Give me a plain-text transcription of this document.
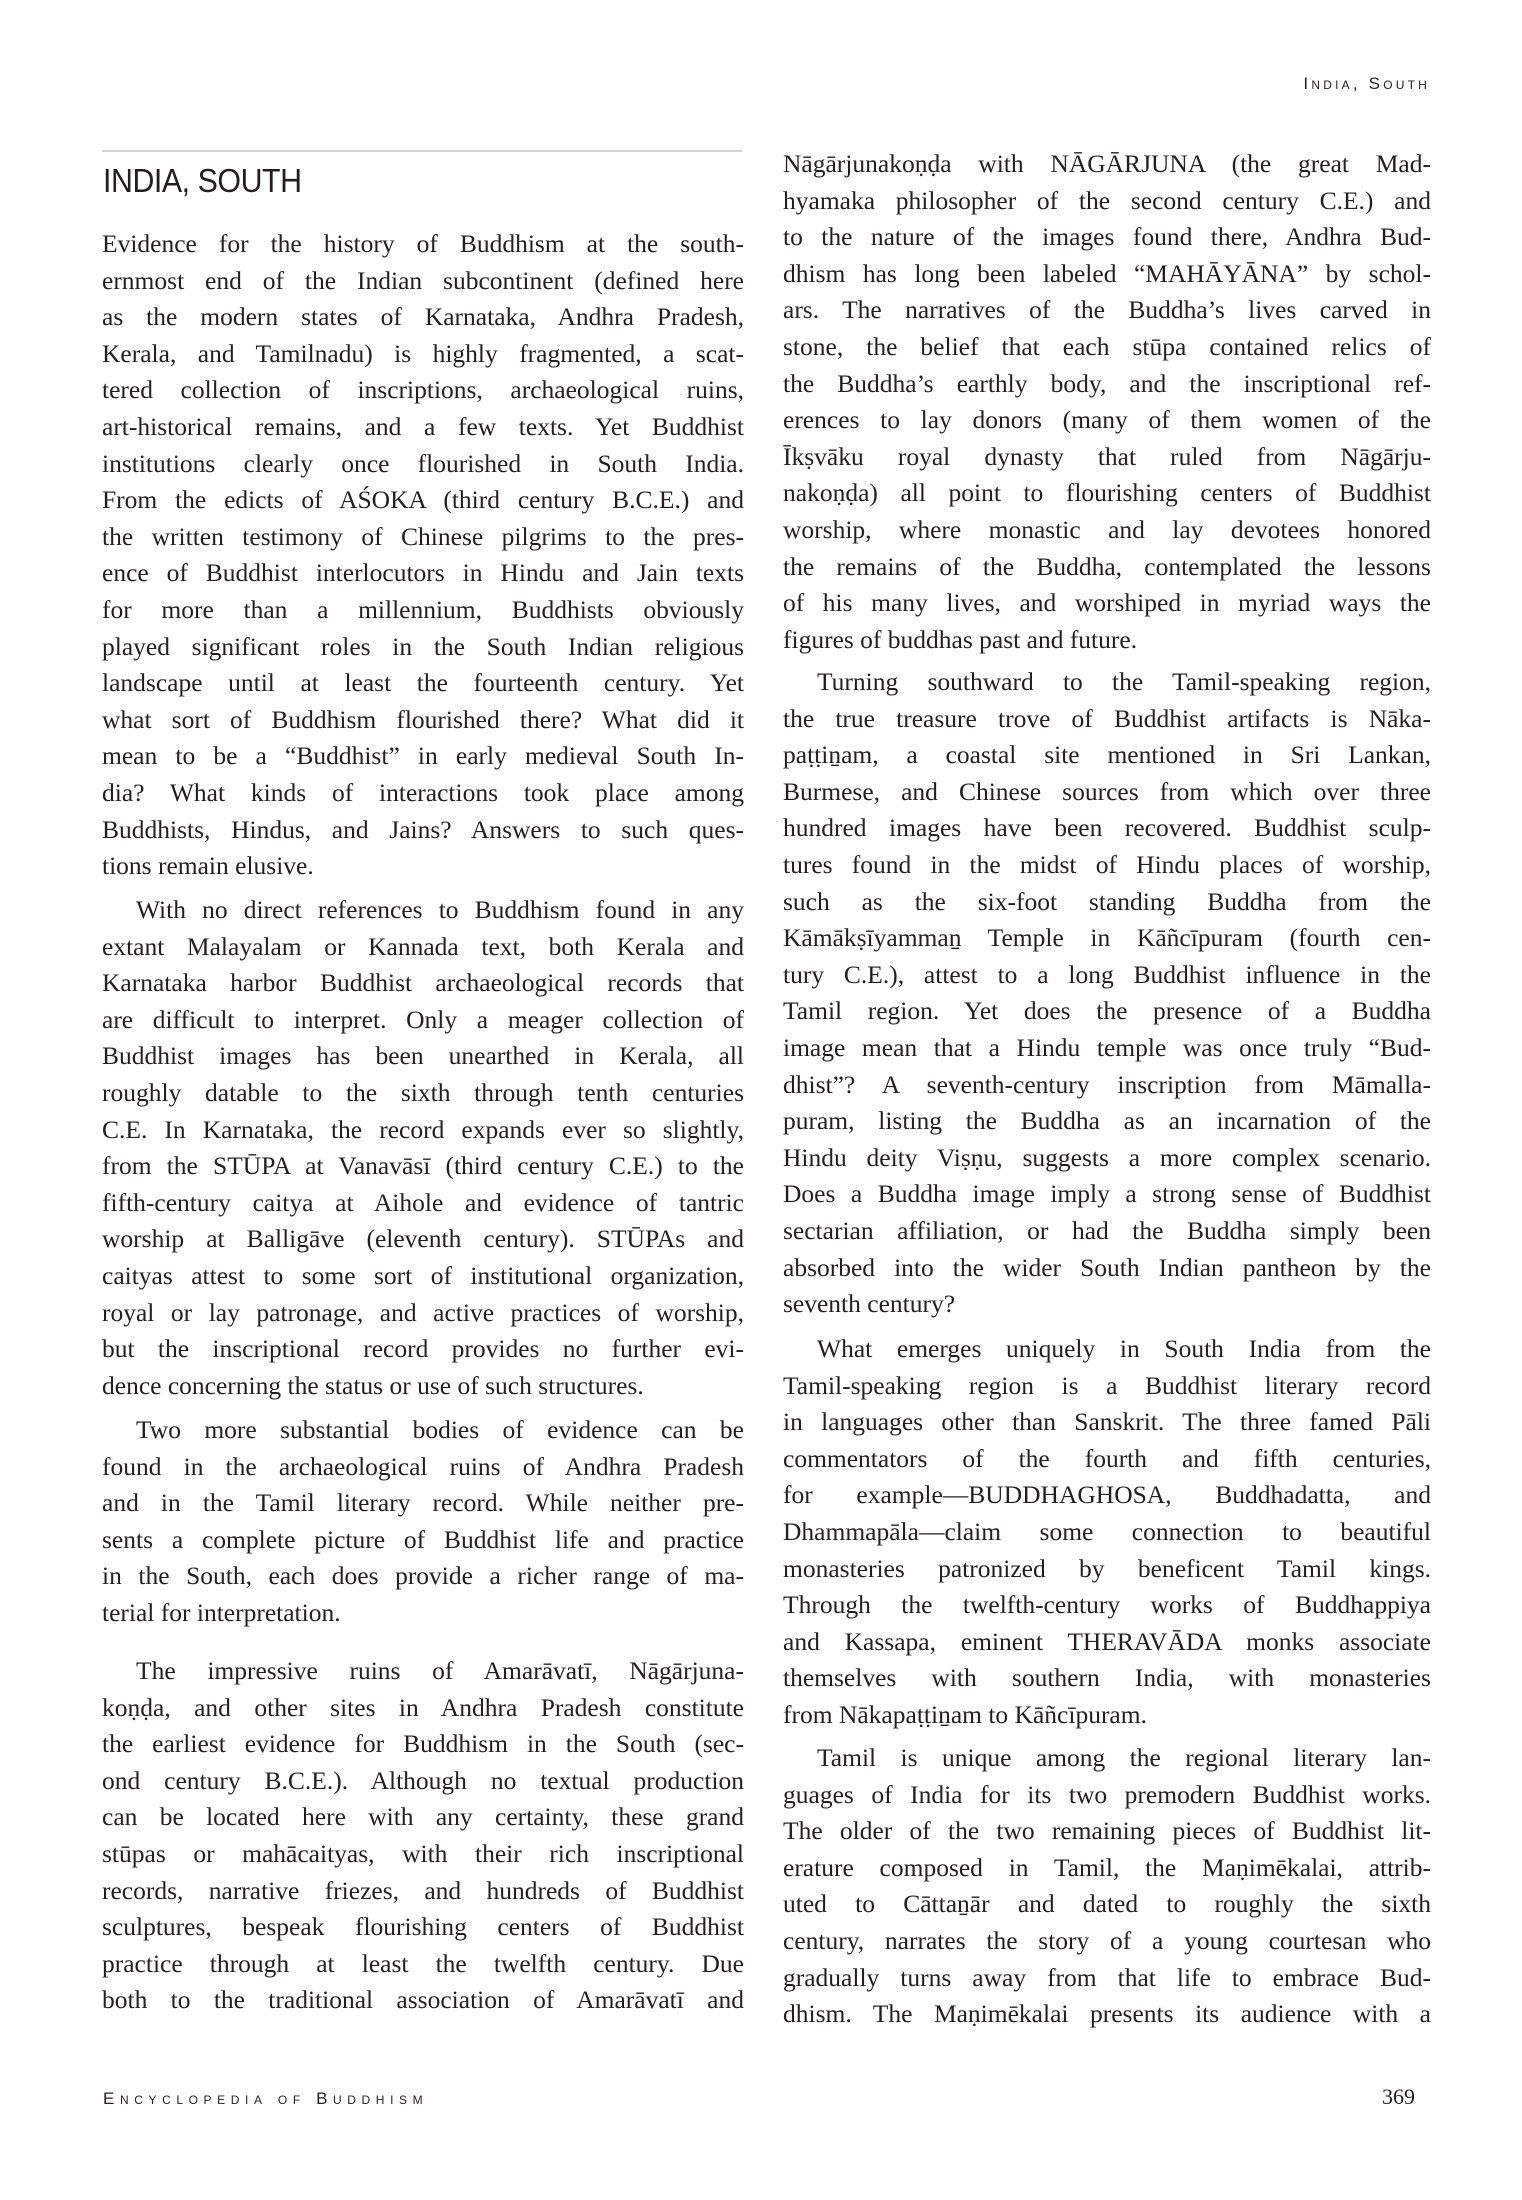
India, South
INDIA, SOUTH
Evidence for the history of Buddhism at the south-
ernmost end of the Indian subcontinent (defined here
as the modern states of Karnataka, Andhra Pradesh,
Kerala, and Tamilnadu) is highly fragmented, a scat-
tered collection of inscriptions, archaeological ruins,
art-historical remains, and a few texts. Yet Buddhist
institutions clearly once flourished in South India.
From the edicts of AŚOKA (third century B.C.E.) and
the written testimony of Chinese pilgrims to the pres-
ence of Buddhist interlocutors in Hindu and Jain texts
for more than a millennium, Buddhists obviously
played significant roles in the South Indian religious
landscape until at least the fourteenth century. Yet
what sort of Buddhism flourished there? What did it
mean to be a “Buddhist” in early medieval South In-
dia? What kinds of interactions took place among
Buddhists, Hindus, and Jains? Answers to such ques-
tions remain elusive.
With no direct references to Buddhism found in any
extant Malayalam or Kannada text, both Kerala and
Karnataka harbor Buddhist archaeological records that
are difficult to interpret. Only a meager collection of
Buddhist images has been unearthed in Kerala, all
roughly datable to the sixth through tenth centuries
C.E. In Karnataka, the record expands ever so slightly,
from the STŪPA at Vanavāsī (third century C.E.) to the
fifth-century caitya at Aihole and evidence of tantric
worship at Balligāve (eleventh century). STŪPAs and
caityas attest to some sort of institutional organization,
royal or lay patronage, and active practices of worship,
but the inscriptional record provides no further evi-
dence concerning the status or use of such structures.
Two more substantial bodies of evidence can be
found in the archaeological ruins of Andhra Pradesh
and in the Tamil literary record. While neither pre-
sents a complete picture of Buddhist life and practice
in the South, each does provide a richer range of ma-
terial for interpretation.
The impressive ruins of Amarāvatī, Nāgārjuna-
koṇḍa, and other sites in Andhra Pradesh constitute
the earliest evidence for Buddhism in the South (sec-
ond century B.C.E.). Although no textual production
can be located here with any certainty, these grand
stūpas or mahācaityas, with their rich inscriptional
records, narrative friezes, and hundreds of Buddhist
sculptures, bespeak flourishing centers of Buddhist
practice through at least the twelfth century. Due
both to the traditional association of Amarāvatī and
Nāgārjunakoṇḍa with NĀGĀRJUNA (the great Mad-
hyamaka philosopher of the second century C.E.) and
to the nature of the images found there, Andhra Bud-
dhism has long been labeled “MAHĀYĀNA” by schol-
ars. The narratives of the Buddha’s lives carved in
stone, the belief that each stūpa contained relics of
the Buddha’s earthly body, and the inscriptional ref-
erences to lay donors (many of them women of the
Īkṣvāku royal dynasty that ruled from Nāgārju-
nakoṇḍa) all point to flourishing centers of Buddhist
worship, where monastic and lay devotees honored
the remains of the Buddha, contemplated the lessons
of his many lives, and worshiped in myriad ways the
figures of buddhas past and future.
Turning southward to the Tamil-speaking region,
the true treasure trove of Buddhist artifacts is Nāka-
paṭṭiṉam, a coastal site mentioned in Sri Lankan,
Burmese, and Chinese sources from which over three
hundred images have been recovered. Buddhist sculp-
tures found in the midst of Hindu places of worship,
such as the six-foot standing Buddha from the
Kāmākṣīyammaṉ Temple in Kāñcīpuram (fourth cen-
tury C.E.), attest to a long Buddhist influence in the
Tamil region. Yet does the presence of a Buddha
image mean that a Hindu temple was once truly “Bud-
dhist”? A seventh-century inscription from Māmalla-
puram, listing the Buddha as an incarnation of the
Hindu deity Viṣṇu, suggests a more complex scenario.
Does a Buddha image imply a strong sense of Buddhist
sectarian affiliation, or had the Buddha simply been
absorbed into the wider South Indian pantheon by the
seventh century?
What emerges uniquely in South India from the
Tamil-speaking region is a Buddhist literary record
in languages other than Sanskrit. The three famed Pāli
commentators of the fourth and fifth centuries,
for example—BUDDHAGHOSA, Buddhadatta, and
Dhammapāla—claim some connection to beautiful
monasteries patronized by beneficent Tamil kings.
Through the twelfth-century works of Buddhappiya
and Kassapa, eminent THERAVĀDA monks associate
themselves with southern India, with monasteries
from Nākapaṭṭiṉam to Kāñcīpuram.
Tamil is unique among the regional literary lan-
guages of India for its two premodern Buddhist works.
The older of the two remaining pieces of Buddhist lit-
erature composed in Tamil, the Maṇimēkalai, attrib-
uted to Cāttaṉār and dated to roughly the sixth
century, narrates the story of a young courtesan who
gradually turns away from that life to embrace Bud-
dhism. The Maṇimēkalai presents its audience with a
Encyclopedia of Buddhism	369
